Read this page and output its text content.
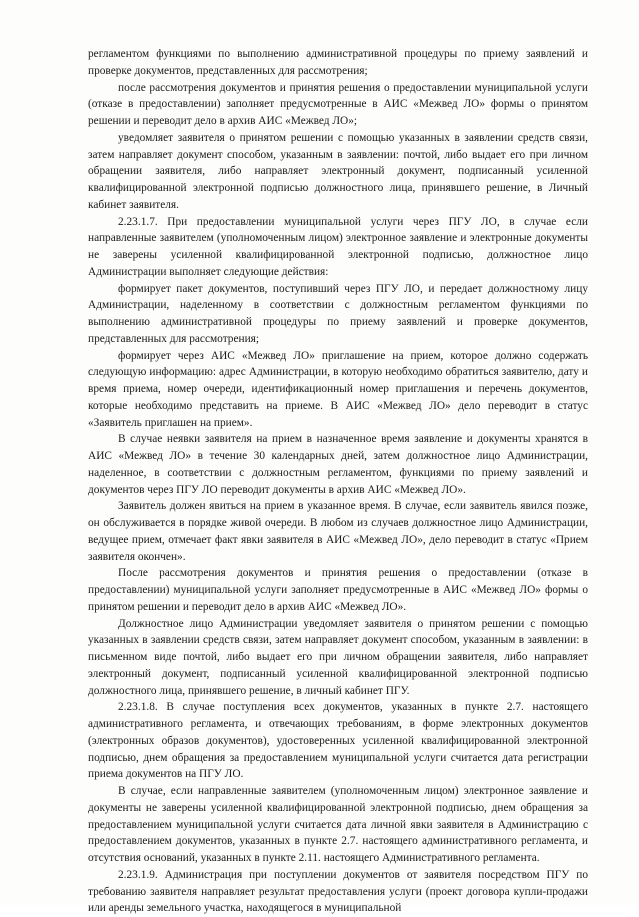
регламентом функциями по выполнению административной процедуры по приему заявлений и проверке документов, представленных для рассмотрения;

после рассмотрения документов и принятия решения о предоставлении муниципальной услуги (отказе в предоставлении) заполняет предусмотренные в АИС «Межвед ЛО» формы о принятом решении и переводит дело в архив АИС «Межвед ЛО»;

уведомляет заявителя о принятом решении с помощью указанных в заявлении средств связи, затем направляет документ способом, указанным в заявлении: почтой, либо выдает его при личном обращении заявителя, либо направляет электронный документ, подписанный усиленной квалифицированной электронной подписью должностного лица, принявшего решение, в Личный кабинет заявителя.

2.23.1.7. При предоставлении муниципальной услуги через ПГУ ЛО, в случае если направленные заявителем (уполномоченным лицом) электронное заявление и электронные документы не заверены усиленной квалифицированной электронной подписью, должностное лицо Администрации выполняет следующие действия:

формирует пакет документов, поступивший через ПГУ ЛО, и передает должностному лицу Администрации, наделенному в соответствии с должностным регламентом функциями по выполнению административной процедуры по приему заявлений и проверке документов, представленных для рассмотрения;

формирует через АИС «Межвед ЛО» приглашение на прием, которое должно содержать следующую информацию: адрес Администрации, в которую необходимо обратиться заявителю, дату и время приема, номер очереди, идентификационный номер приглашения и перечень документов, которые необходимо представить на приеме. В АИС «Межвед ЛО» дело переводит в статус «Заявитель приглашен на прием».

В случае неявки заявителя на прием в назначенное время заявление и документы хранятся в АИС «Межвед ЛО» в течение 30 календарных дней, затем должностное лицо Администрации, наделенное, в соответствии с должностным регламентом, функциями по приему заявлений и документов через ПГУ ЛО переводит документы в архив АИС «Межвед ЛО».

Заявитель должен явиться на прием в указанное время. В случае, если заявитель явился позже, он обслуживается в порядке живой очереди. В любом из случаев должностное лицо Администрации, ведущее прием, отмечает факт явки заявителя в АИС «Межвед ЛО», дело переводит в статус «Прием заявителя окончен».

После рассмотрения документов и принятия решения о предоставлении (отказе в предоставлении) муниципальной услуги заполняет предусмотренные в АИС «Межвед ЛО» формы о принятом решении и переводит дело в архив АИС «Межвед ЛО».

Должностное лицо Администрации уведомляет заявителя о принятом решении с помощью указанных в заявлении средств связи, затем направляет документ способом, указанным в заявлении: в письменном виде почтой, либо выдает его при личном обращении заявителя, либо направляет электронный документ, подписанный усиленной квалифицированной электронной подписью должностного лица, принявшего решение, в личный кабинет ПГУ.

2.23.1.8. В случае поступления всех документов, указанных в пункте 2.7. настоящего административного регламента, и отвечающих требованиям, в форме электронных документов (электронных образов документов), удостоверенных усиленной квалифицированной электронной подписью, днем обращения за предоставлением муниципальной услуги считается дата регистрации приема документов на ПГУ ЛО.

В случае, если направленные заявителем (уполномоченным лицом) электронное заявление и документы не заверены усиленной квалифицированной электронной подписью, днем обращения за предоставлением муниципальной услуги считается дата личной явки заявителя в Администрацию с предоставлением документов, указанных в пункте 2.7. настоящего административного регламента, и отсутствия оснований, указанных в пункте 2.11. настоящего Административного регламента.

2.23.1.9. Администрация при поступлении документов от заявителя посредством ПГУ по требованию заявителя направляет результат предоставления услуги (проект договора купли-продажи или аренды земельного участка, находящегося в муниципальной
